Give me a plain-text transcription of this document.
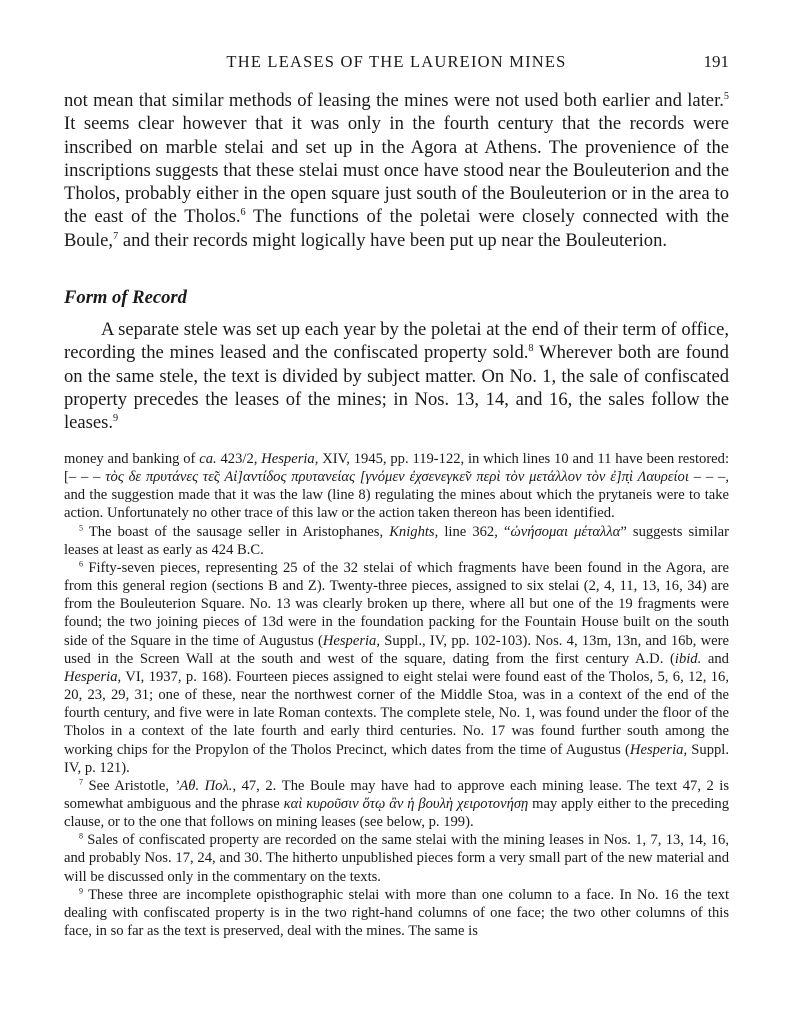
THE LEASES OF THE LAUREION MINES	191

not mean that similar methods of leasing the mines were not used both earlier and later.$^5$ It seems clear however that it was only in the fourth century that the records were inscribed on marble stelai and set up in the Agora at Athens. The provenience of the inscriptions suggests that these stelai must once have stood near the Bouleuterion and the Tholos, probably either in the open square just south of the Bouleuterion or in the area to the east of the Tholos.$^6$ The functions of the poletai were closely connected with the Boule,$^7$ and their records might logically have been put up near the Bouleuterion.

Form of Record

A separate stele was set up each year by the poletai at the end of their term of office, recording the mines leased and the confiscated property sold.$^8$ Wherever both are found on the same stele, the text is divided by subject matter. On No. 1, the sale of confiscated property precedes the leases of the mines; in Nos. 13, 14, and 16, the sales follow the leases.$^9$

money and banking of ca. 423/2, Hesperia, XIV, 1945, pp. 119-122, in which lines 10 and 11 have been restored: [– – – τὸς δε πρυτάνες τε̃ς Αἰ]αντίδος πρυτανείας [γνόμεν ἐχσενεγκε̃ν περὶ τὸν μετάλλον τὸν ἐ]π̣ὶ Λαυρείοι – – –, and the suggestion made that it was the law (line 8) regulating the mines about which the prytaneis were to take action. Unfortunately no other trace of this law or the action taken thereon has been identified.

$^5$ The boast of the sausage seller in Aristophanes, Knights, line 362, “ὠνήσομαι μέταλλα” suggests similar leases at least as early as 424 B.C.

$^6$ Fifty-seven pieces, representing 25 of the 32 stelai of which fragments have been found in the Agora, are from this general region (sections B and Z). Twenty-three pieces, assigned to six stelai (2, 4, 11, 13, 16, 34) are from the Bouleuterion Square. No. 13 was clearly broken up there, where all but one of the 19 fragments were found; the two joining pieces of 13d were in the foundation packing for the Fountain House built on the south side of the Square in the time of Augustus (Hesperia, Suppl., IV, pp. 102-103). Nos. 4, 13m, 13n, and 16b, were used in the Screen Wall at the south and west of the square, dating from the first century A.D. (ibid. and Hesperia, VI, 1937, p. 168). Fourteen pieces assigned to eight stelai were found east of the Tholos, 5, 6, 12, 16, 20, 23, 29, 31; one of these, near the northwest corner of the Middle Stoa, was in a context of the end of the fourth century, and five were in late Roman contexts. The complete stele, No. 1, was found under the floor of the Tholos in a context of the late fourth and early third centuries. No. 17 was found further south among the working chips for the Propylon of the Tholos Precinct, which dates from the time of Augustus (Hesperia, Suppl. IV, p. 121).

$^7$ See Aristotle, ’Αθ. Πολ., 47, 2. The Boule may have had to approve each mining lease. The text 47, 2 is somewhat ambiguous and the phrase καὶ κυροῦσιν ὅτῳ ἂν ἡ βουλὴ χειροτονήσῃ may apply either to the preceding clause, or to the one that follows on mining leases (see below, p. 199).

$^8$ Sales of confiscated property are recorded on the same stelai with the mining leases in Nos. 1, 7, 13, 14, 16, and probably Nos. 17, 24, and 30. The hitherto unpublished pieces form a very small part of the new material and will be discussed only in the commentary on the texts.

$^9$ These three are incomplete opisthographic stelai with more than one column to a face. In No. 16 the text dealing with confiscated property is in the two right-hand columns of one face; the two other columns of this face, in so far as the text is preserved, deal with the mines. The same is
